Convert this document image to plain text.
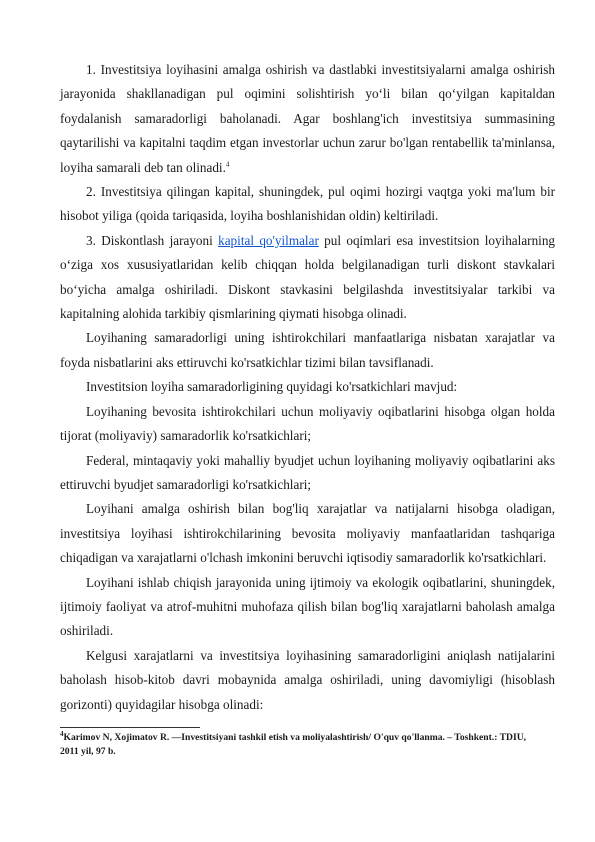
1. Investitsiya loyihasini amalga oshirish va dastlabki investitsiyalarni amalga oshirish jarayonida shakllanadigan pul oqimini solishtirish yo‘li bilan qo‘yilgan kapitaldan foydalanish samaradorligi baholanadi. Agar boshlang'ich investitsiya summasining qaytarilishi va kapitalni taqdim etgan investorlar uchun zarur bo'lgan rentabellik ta'minlansa, loyiha samarali deb tan olinadi.$^4$

2. Investitsiya qilingan kapital, shuningdek, pul oqimi hozirgi vaqtga yoki ma'lum bir hisobot yiliga (qoida tariqasida, loyiha boshlanishidan oldin) keltiriladi.

3. Diskontlash jarayoni kapital qo'yilmalar pul oqimlari esa investitsion loyihalarning o‘ziga xos xususiyatlaridan kelib chiqqan holda belgilanadigan turli diskont stavkalari bo‘yicha amalga oshiriladi. Diskont stavkasini belgilashda investitsiyalar tarkibi va kapitalning alohida tarkibiy qismlarining qiymati hisobga olinadi.

Loyihaning samaradorligi uning ishtirokchilari manfaatlariga nisbatan xarajatlar va foyda nisbatlarini aks ettiruvchi ko'rsatkichlar tizimi bilan tavsiflanadi.

Investitsion loyiha samaradorligining quyidagi ko'rsatkichlari mavjud:

Loyihaning bevosita ishtirokchilari uchun moliyaviy oqibatlarini hisobga olgan holda tijorat (moliyaviy) samaradorlik ko'rsatkichlari;

Federal, mintaqaviy yoki mahalliy byudjet uchun loyihaning moliyaviy oqibatlarini aks ettiruvchi byudjet samaradorligi ko'rsatkichlari;

Loyihani amalga oshirish bilan bog'liq xarajatlar va natijalarni hisobga oladigan, investitsiya loyihasi ishtirokchilarining bevosita moliyaviy manfaatlaridan tashqariga chiqadigan va xarajatlarni o'lchash imkonini beruvchi iqtisodiy samaradorlik ko'rsatkichlari.

Loyihani ishlab chiqish jarayonida uning ijtimoiy va ekologik oqibatlarini, shuningdek, ijtimoiy faoliyat va atrof-muhitni muhofaza qilish bilan bog'liq xarajatlarni baholash amalga oshiriladi.

Kelgusi xarajatlarni va investitsiya loyihasining samaradorligini aniqlash natijalarini baholash hisob-kitob davri mobaynida amalga oshiriladi, uning davomiyligi (hisoblash gorizonti) quyidagilar hisobga olinadi:

$^4$Karimov N, Xojimatov R. —Investitsiyani tashkil etish va moliyalashtirish/ O'quv qo'llanma. – Toshkent.: TDIU, 2011 yil, 97 b.
